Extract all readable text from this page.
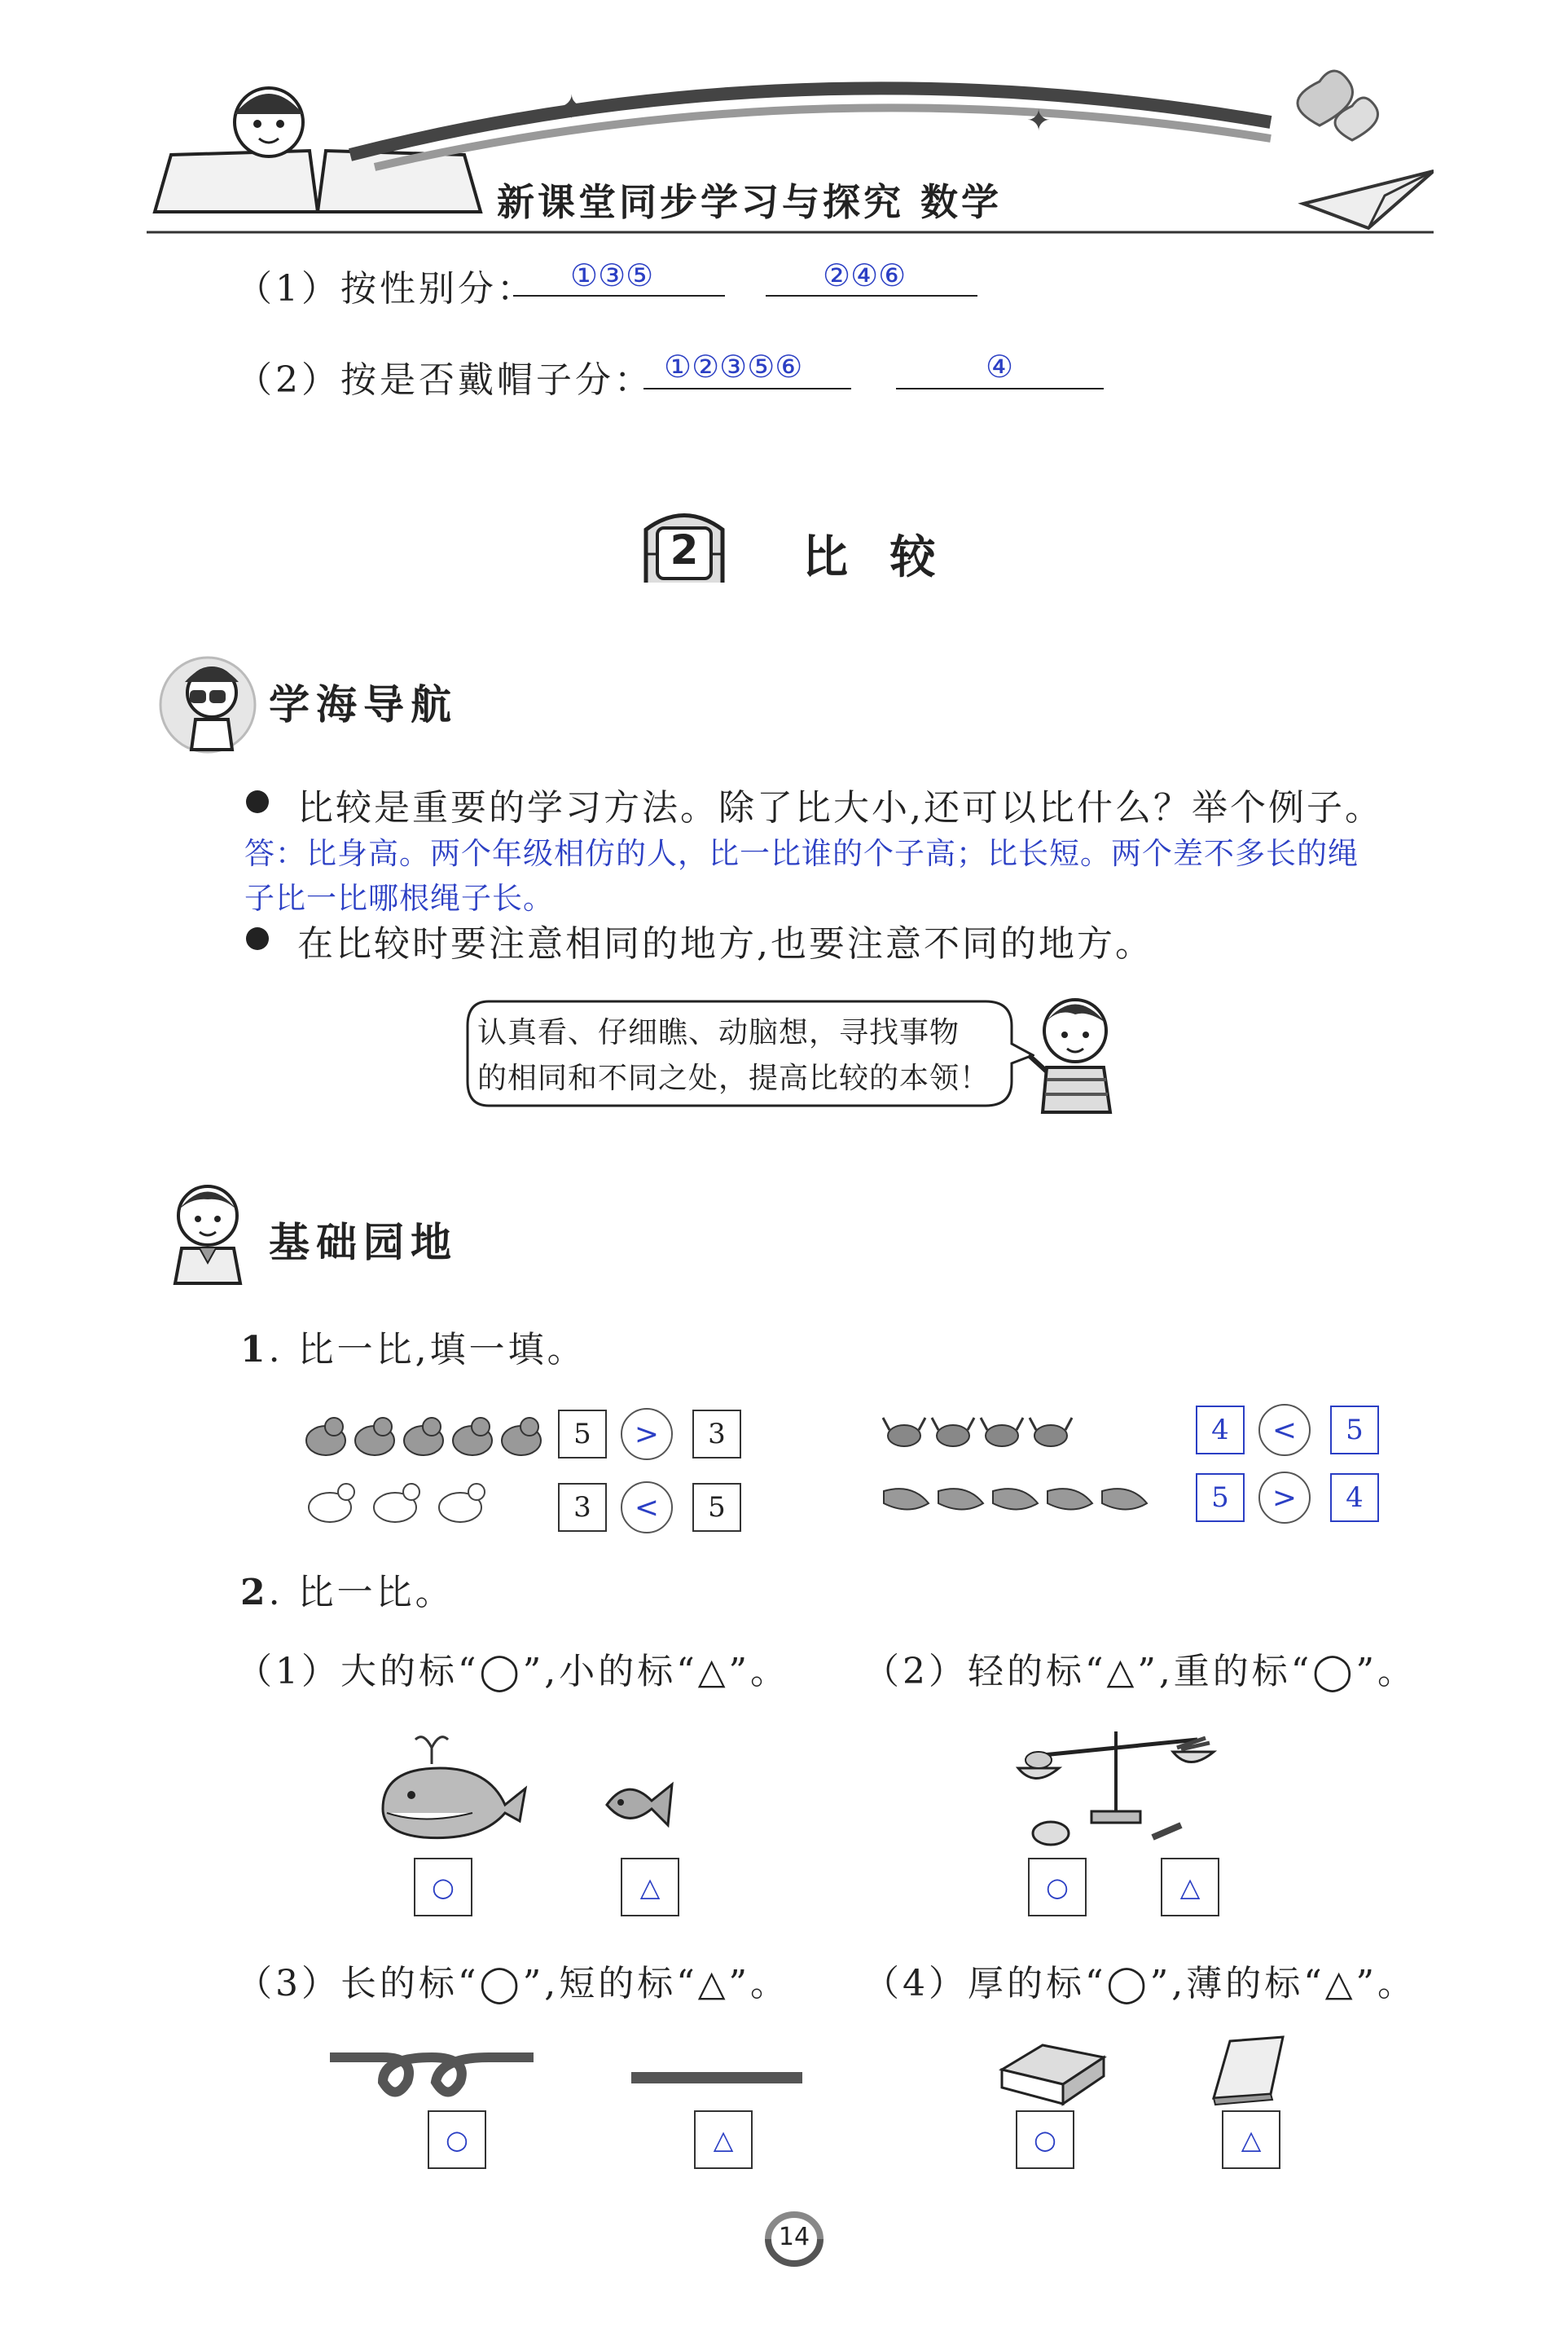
✦	✦
新课堂同步学习与探究 数学
（1）按性别分： ①③⑤	②④⑥
（2）按是否戴帽子分： ①②③⑤⑥	④
2 比 较
学海导航
比较是重要的学习方法。除了比大小,还可以比什么？举个例子。
答：比身高。两个年级相仿的人，比一比谁的个子高；比长短。两个差不多长的绳
子比一比哪根绳子长。
在比较时要注意相同的地方,也要注意不同的地方。
认真看、仔细瞧、动脑想，寻找事物
的相同和不同之处，提高比较的本领！
基础园地
1. 比一比,填一填。
5	>	3
3	<	5
4	<	5
5	>	4
2. 比一比。
（1）大的标“◯”,小的标“△”。 （2）轻的标“△”,重的标“◯”。
○	△	○	△
（3）长的标“◯”,短的标“△”。 （4）厚的标“◯”,薄的标“△”。
○	△	○	△
14
